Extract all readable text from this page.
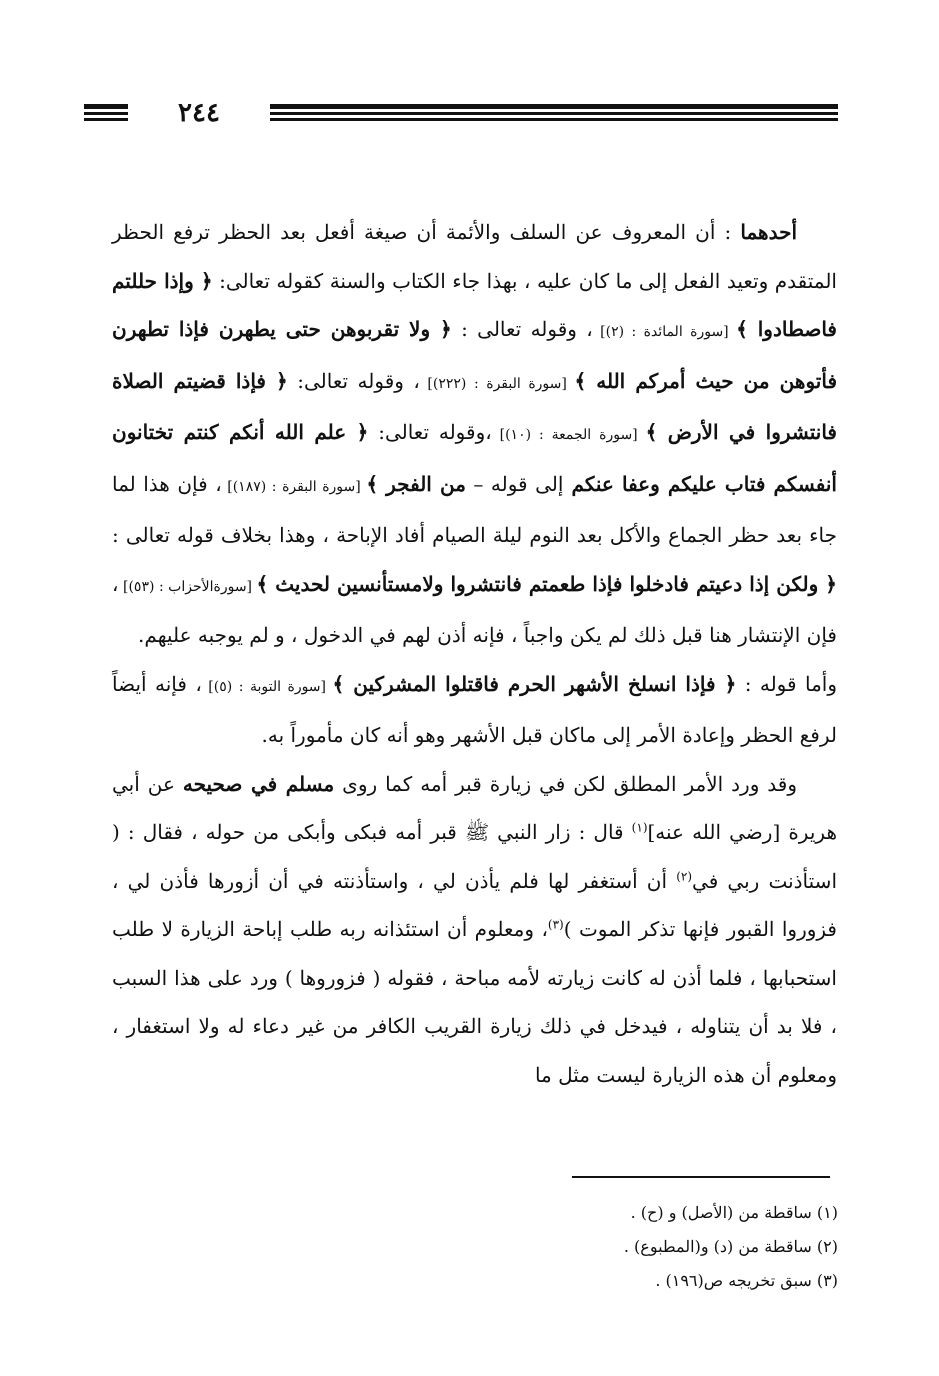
٢٤٤

أحدهما : أن المعروف عن السلف والأئمة أن صيغة أفعل بعد الحظر ترفع الحظر المتقدم وتعيد الفعل إلى ما كان عليه ، بهذا جاء الكتاب والسنة كقوله تعالى: ﴿ وإذا حللتم فاصطادوا ﴾ [سورة المائدة : (٢)] ، وقوله تعالى : ﴿ ولا تقربوهن حتى يطهرن فإذا تطهرن فأتوهن من حيث أمركم الله ﴾ [سورة البقرة : (٢٢٢)] ، وقوله تعالى: ﴿ فإذا قضيتم الصلاة فانتشروا في الأرض ﴾ [سورة الجمعة : (١٠)] ،وقوله تعالى: ﴿ علم الله أنكم كنتم تختانون أنفسكم فتاب عليكم وعفا عنكم إلى قوله – من الفجر ﴾ [سورة البقرة : (١٨٧)] ، فإن هذا لما جاء بعد حظر الجماع والأكل بعد النوم ليلة الصيام أفاد الإباحة ، وهذا بخلاف قوله تعالى : ﴿ ولكن إذا دعيتم فادخلوا فإذا طعمتم فانتشروا ولامستأنسين لحديث ﴾ [سورةالأحزاب : (٥٣)] ، فإن الإنتشار هنا قبل ذلك لم يكن واجباً ، فإنه أذن لهم في الدخول ، و لم يوجبه عليهم.

وأما قوله : ﴿ فإذا انسلخ الأشهر الحرم فاقتلوا المشركين ﴾ [سورة التوبة : (٥)] ، فإنه أيضاً لرفع الحظر وإعادة الأمر إلى ماكان قبل الأشهر وهو أنه كان مأموراً به.

وقد ورد الأمر المطلق لكن في زيارة قبر أمه كما روى مسلم في صحيحه عن أبي هريرة [رضي الله عنه]$^{(١)}$ قال : زار النبي ﷺ قبر أمه فبكى وأبكى من حوله ، فقال : ( استأذنت ربي في$^{(٢)}$ أن أستغفر لها فلم يأذن لي ، واستأذنته في أن أزورها فأذن لي ، فزوروا القبور فإنها تذكر الموت )$^{(٣)}$، ومعلوم أن استئذانه ربه طلب إباحة الزيارة لا طلب استحبابها ، فلما أذن له كانت زيارته لأمه مباحة ، فقوله ( فزوروها ) ورد على هذا السبب ، فلا بد أن يتناوله ، فيدخل في ذلك زيارة القريب الكافر من غير دعاء له ولا استغفار ، ومعلوم أن هذه الزيارة ليست مثل ما

(١) ساقطة من (الأصل) و (ح) .
(٢) ساقطة من (د) و(المطبوع) .
(٣) سبق تخريجه ص(١٩٦) .
